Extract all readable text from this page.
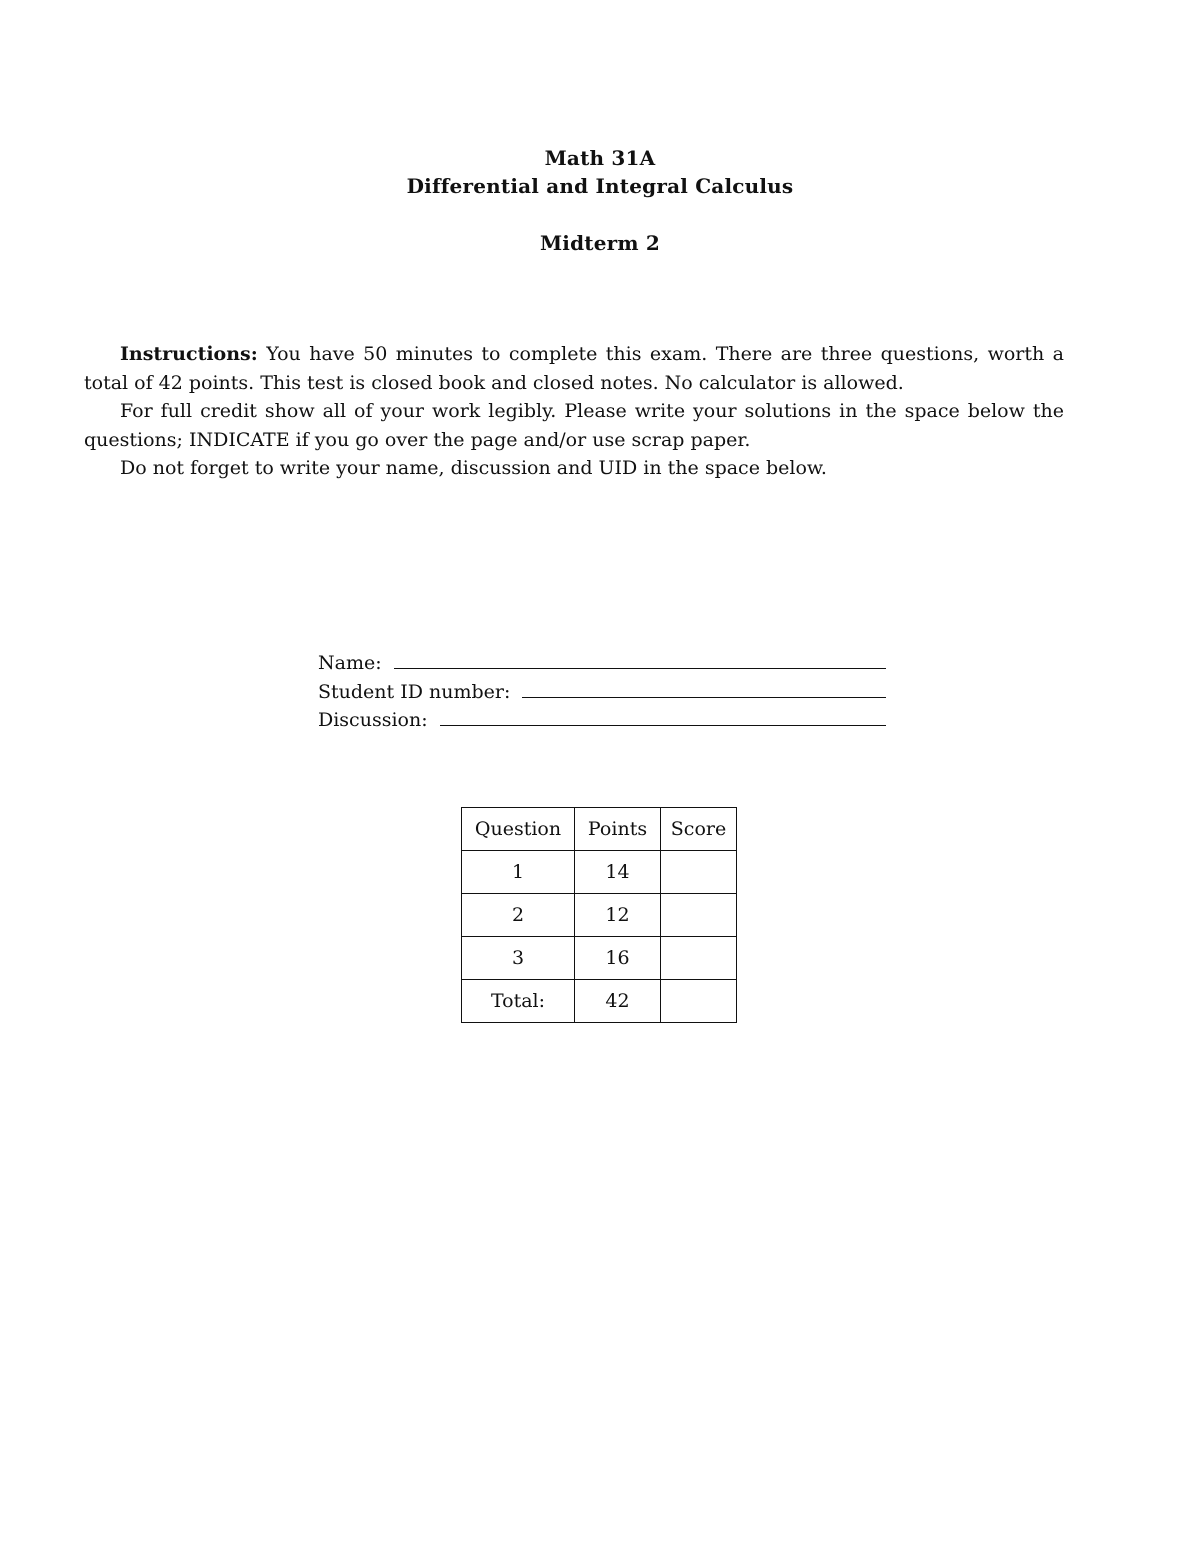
Math 31A
Differential and Integral Calculus
Midterm 2

Instructions: You have 50 minutes to complete this exam. There are three questions, worth a total of 42 points. This test is closed book and closed notes. No calculator is allowed.

For full credit show all of your work legibly. Please write your solutions in the space below the questions; INDICATE if you go over the page and/or use scrap paper.

Do not forget to write your name, discussion and UID in the space below.

Name:
Student ID number:
Discussion:
Question	Points	Score
1	14	
2	12	
3	16	
Total:	42	
